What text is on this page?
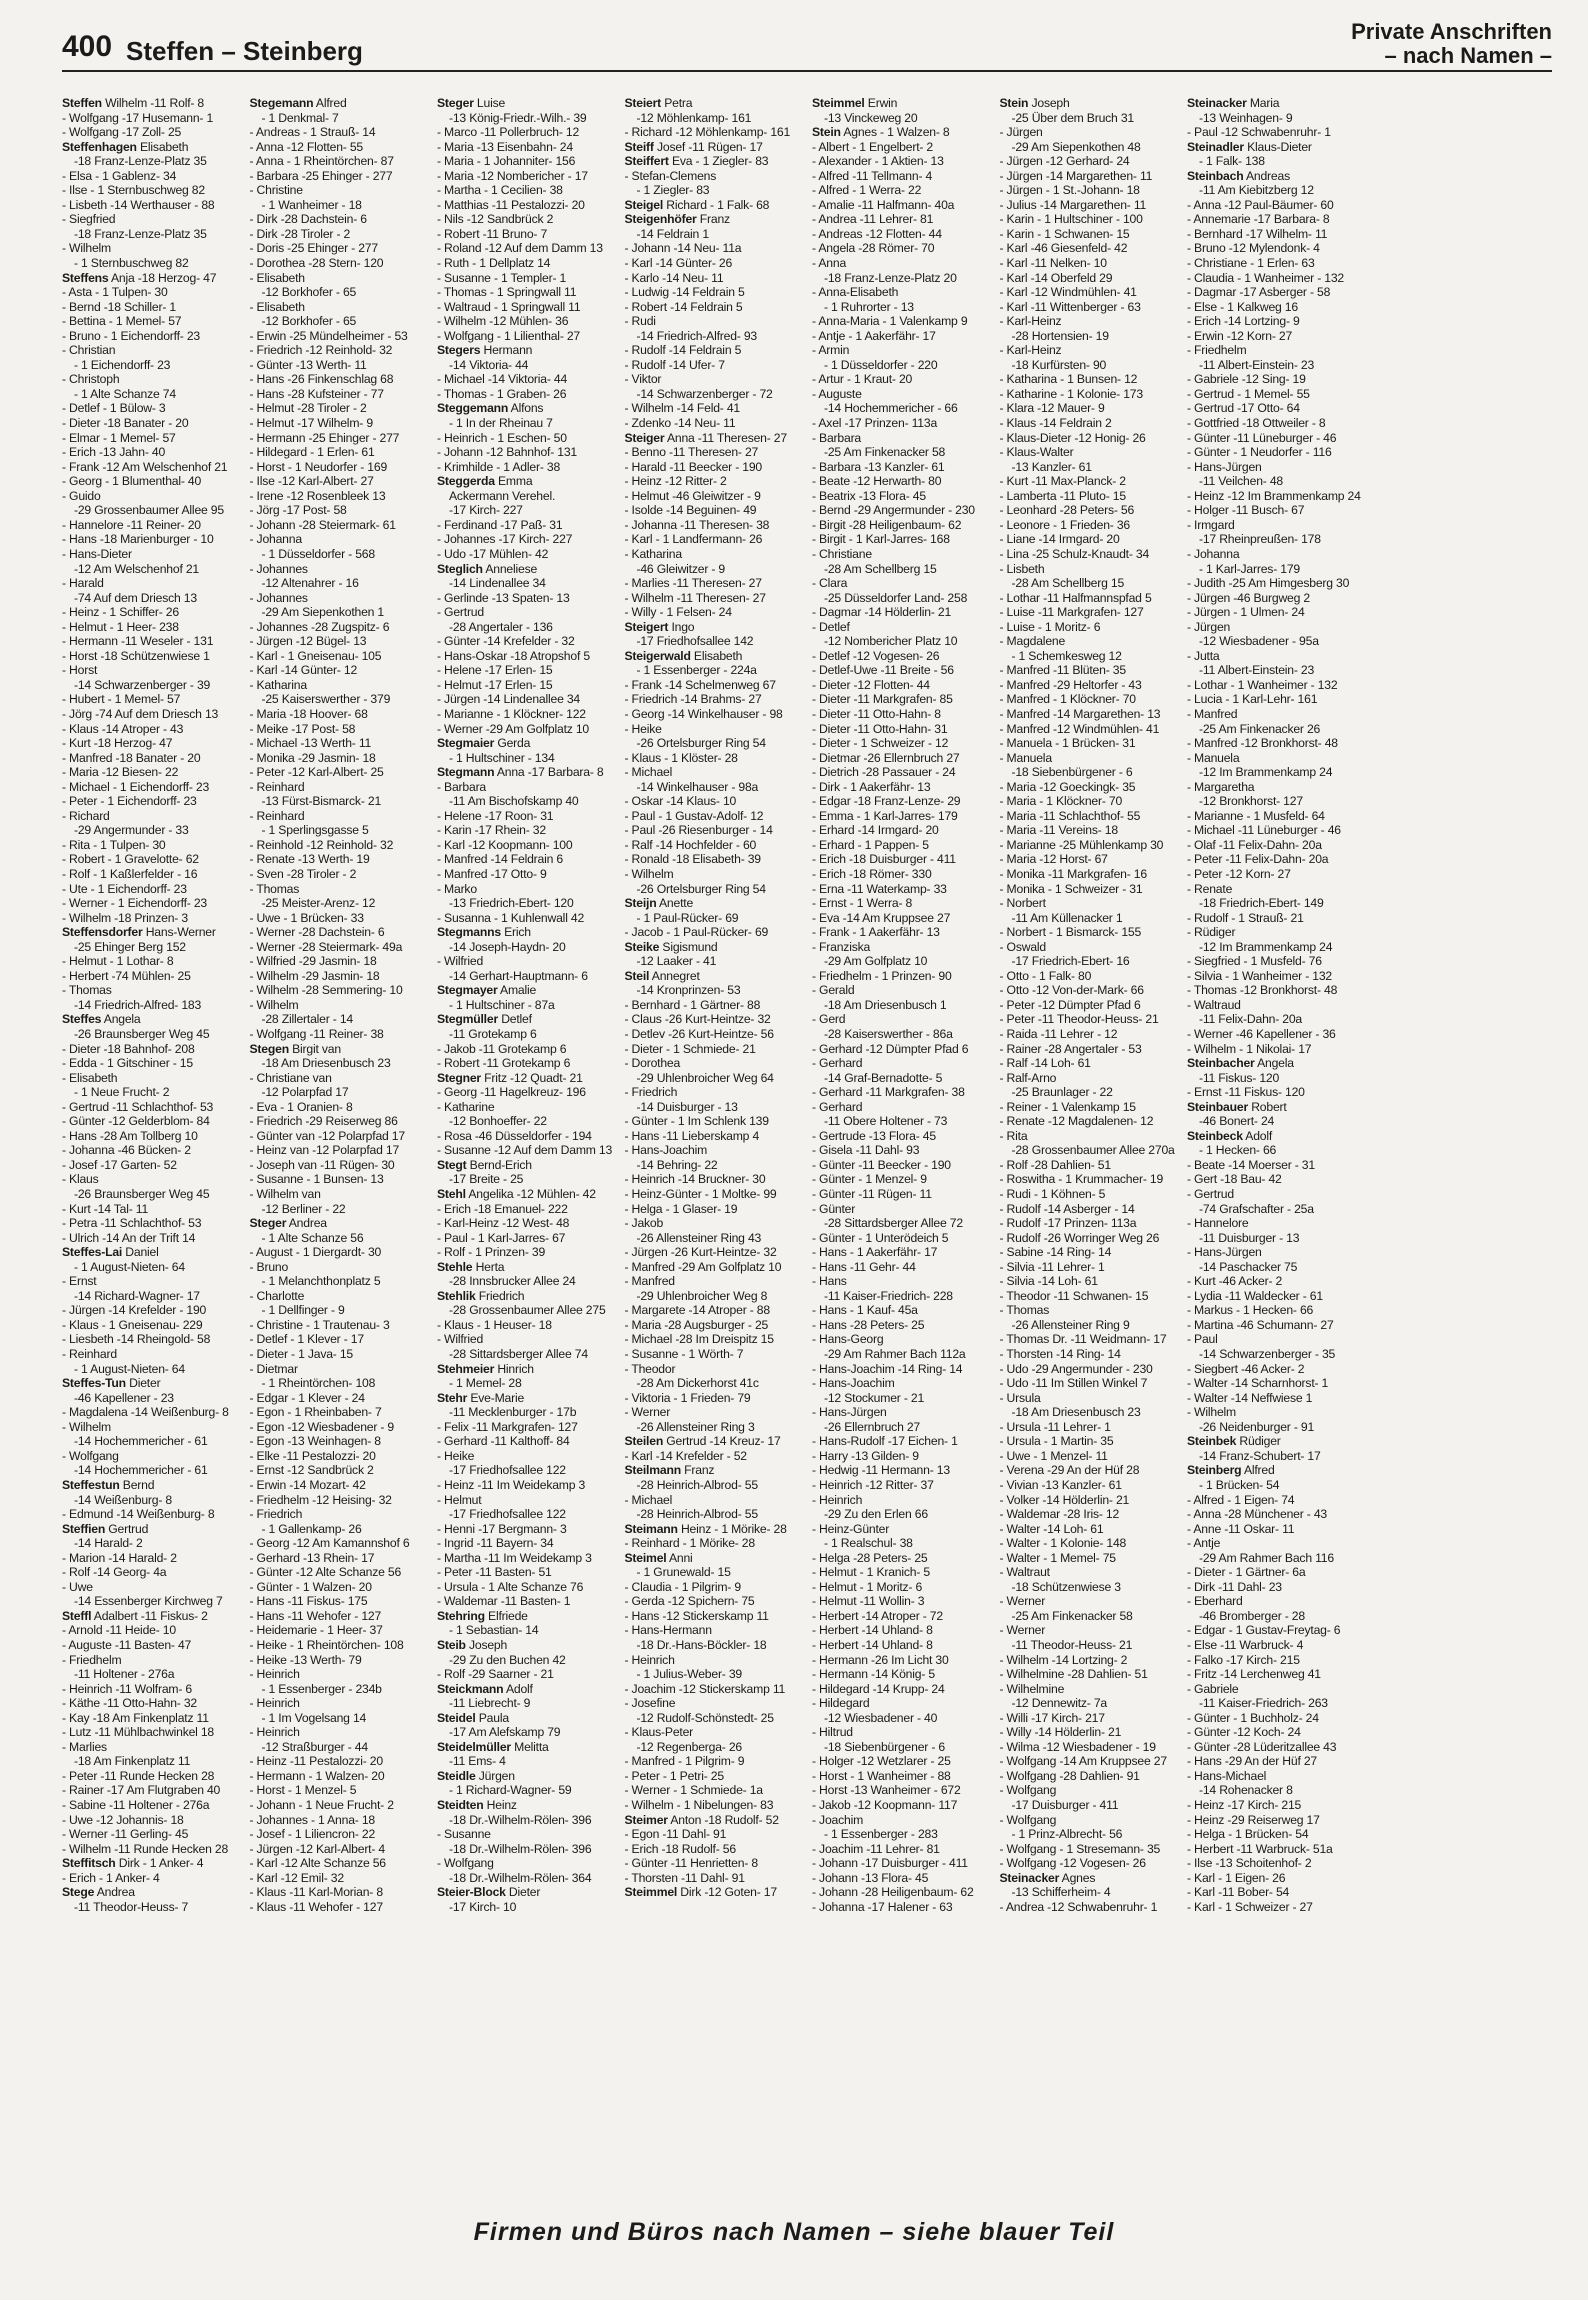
400 Steffen – Steinberg
Private Anschriften
– nach Namen –
Steffen Wilhelm -11 Rolf- 8
- Wolfgang -17 Husemann- 1
- Wolfgang -17 Zoll- 25
Steffenhagen Elisabeth
-18 Franz-Lenze-Platz 35
- Elsa - 1 Gablenz- 34
- Ilse - 1 Sternbuschweg 82
- Lisbeth -14 Werthauser - 88
- Siegfried
-18 Franz-Lenze-Platz 35
- Wilhelm
- 1 Sternbuschweg 82
Steffens Anja -18 Herzog- 47
- Asta - 1 Tulpen- 30
- Bernd -18 Schiller- 1
- Bettina - 1 Memel- 57
- Bruno - 1 Eichendorff- 23
- Christian
- 1 Eichendorff- 23
- Christoph
- 1 Alte Schanze 74
- Detlef - 1 Bülow- 3
- Dieter -18 Banater - 20
- Elmar - 1 Memel- 57
- Erich -13 Jahn- 40
- Frank -12 Am Welschenhof 21
- Georg - 1 Blumenthal- 40
- Guido
-29 Grossenbaumer Allee 95
- Hannelore -11 Reiner- 20
- Hans -18 Marienburger - 10
- Hans-Dieter
-12 Am Welschenhof 21
- Harald
-74 Auf dem Driesch 13
- Heinz - 1 Schiffer- 26
- Helmut - 1 Heer- 238
- Hermann -11 Weseler - 131
- Horst -18 Schützenwiese 1
- Horst
-14 Schwarzenberger - 39
- Hubert - 1 Memel- 57
- Jörg -74 Auf dem Driesch 13
- Klaus -14 Atroper - 43
- Kurt -18 Herzog- 47
- Manfred -18 Banater - 20
- Maria -12 Biesen- 22
- Michael - 1 Eichendorff- 23
- Peter - 1 Eichendorff- 23
- Richard
-29 Angermunder - 33
- Rita - 1 Tulpen- 30
- Robert - 1 Gravelotte- 62
- Rolf - 1 Kaßlerfelder - 16
- Ute - 1 Eichendorff- 23
- Werner - 1 Eichendorff- 23
- Wilhelm -18 Prinzen- 3
Steffensdorfer Hans-Werner
-25 Ehinger Berg 152
- Helmut - 1 Lothar- 8
- Herbert -74 Mühlen- 25
- Thomas
-14 Friedrich-Alfred- 183
Steffes Angela
-26 Braunsberger Weg 45
- Dieter -18 Bahnhof- 208
- Edda - 1 Gitschiner - 15
- Elisabeth
- 1 Neue Frucht- 2
- Gertrud -11 Schlachthof- 53
- Günter -12 Gelderblom- 84
- Hans -28 Am Tollberg 10
- Johanna -46 Bücken- 2
- Josef -17 Garten- 52
- Klaus
-26 Braunsberger Weg 45
- Kurt -14 Tal- 11
- Petra -11 Schlachthof- 53
- Ulrich -14 An der Trift 14
Steffes-Lai Daniel
- 1 August-Nieten- 64
- Ernst
-14 Richard-Wagner- 17
- Jürgen -14 Krefelder - 190
- Klaus - 1 Gneisenau- 229
- Liesbeth -14 Rheingold- 58
- Reinhard
- 1 August-Nieten- 64
Steffes-Tun Dieter
-46 Kapellener - 23
- Magdalena -14 Weißenburg- 8
- Wilhelm
-14 Hochemmericher - 61
- Wolfgang
-14 Hochemmericher - 61
Steffestun Bernd
-14 Weißenburg- 8
- Edmund -14 Weißenburg- 8
Steffien Gertrud
-14 Harald- 2
- Marion -14 Harald- 2
- Rolf -14 Georg- 4a
- Uwe
-14 Essenberger Kirchweg 7
Steffl Adalbert -11 Fiskus- 2
- Arnold -11 Heide- 10
- Auguste -11 Basten- 47
- Friedhelm
-11 Holtener - 276a
- Heinrich -11 Wolfram- 6
- Käthe -11 Otto-Hahn- 32
- Kay -18 Am Finkenplatz 11
- Lutz -11 Mühlbachwinkel 18
- Marlies
-18 Am Finkenplatz 11
- Peter -11 Runde Hecken 28
- Rainer -17 Am Flutgraben 40
- Sabine -11 Holtener - 276a
- Uwe -12 Johannis- 18
- Werner -11 Gerling- 45
- Wilhelm -11 Runde Hecken 28
Steffitsch Dirk - 1 Anker- 4
- Erich - 1 Anker- 4
Stege Andrea
-11 Theodor-Heuss- 7
Stegemann Alfred
- 1 Denkmal- 7
- Andreas - 1 Strauß- 14
- Anna -12 Flotten- 55
- Anna - 1 Rheintörchen- 87
- Barbara -25 Ehinger - 277
- Christine
- 1 Wanheimer - 18
- Dirk -28 Dachstein- 6
- Dirk -28 Tiroler - 2
- Doris -25 Ehinger - 277
- Dorothea -28 Stern- 120
- Elisabeth
-12 Borkhofer - 65
- Elisabeth
-12 Borkhofer - 65
- Erwin -25 Mündelheimer - 53
- Friedrich -12 Reinhold- 32
- Günter -13 Werth- 11
- Hans -26 Finkenschlag 68
- Hans -28 Kufsteiner - 77
- Helmut -28 Tiroler - 2
- Helmut -17 Wilhelm- 9
- Hermann -25 Ehinger - 277
- Hildegard - 1 Erlen- 61
- Horst - 1 Neudorfer - 169
- Ilse -12 Karl-Albert- 27
- Irene -12 Rosenbleek 13
- Jörg -17 Post- 58
- Johann -28 Steiermark- 61
- Johanna
- 1 Düsseldorfer - 568
- Johannes
-12 Altenahrer - 16
- Johannes
-29 Am Siepenkothen 1
- Johannes -28 Zugspitz- 6
- Jürgen -12 Bügel- 13
- Karl - 1 Gneisenau- 105
- Karl -14 Günter- 12
- Katharina
-25 Kaiserswerther - 379
- Maria -18 Hoover- 68
- Meike -17 Post- 58
- Michael -13 Werth- 11
- Monika -29 Jasmin- 18
- Peter -12 Karl-Albert- 25
- Reinhard
-13 Fürst-Bismarck- 21
- Reinhard
- 1 Sperlingsgasse 5
- Reinhold -12 Reinhold- 32
- Renate -13 Werth- 19
- Sven -28 Tiroler - 2
- Thomas
-25 Meister-Arenz- 12
- Uwe - 1 Brücken- 33
- Werner -28 Dachstein- 6
- Werner -28 Steiermark- 49a
- Wilfried -29 Jasmin- 18
- Wilhelm -29 Jasmin- 18
- Wilhelm -28 Semmering- 10
- Wilhelm
-28 Zillertaler - 14
- Wolfgang -11 Reiner- 38
Stegen Birgit van
-18 Am Driesenbusch 23
- Christiane van
-12 Polarpfad 17
- Eva - 1 Oranien- 8
- Friedrich -29 Reiserweg 86
- Günter van -12 Polarpfad 17
- Heinz van -12 Polarpfad 17
- Joseph van -11 Rügen- 30
- Susanne - 1 Bunsen- 13
- Wilhelm van
-12 Berliner - 22
Steger Andrea
- 1 Alte Schanze 56
- August - 1 Diergardt- 30
- Bruno
- 1 Melanchthonplatz 5
- Charlotte
- 1 Dellfinger - 9
- Christine - 1 Trautenau- 3
- Detlef - 1 Klever - 17
- Dieter - 1 Java- 15
- Dietmar
- 1 Rheintörchen- 108
- Edgar - 1 Klever - 24
- Egon - 1 Rheinbaben- 7
- Egon -12 Wiesbadener - 9
- Egon -13 Weinhagen- 8
- Elke -11 Pestalozzi- 20
- Ernst -12 Sandbrück 2
- Erwin -14 Mozart- 42
- Friedhelm -12 Heising- 32
- Friedrich
- 1 Gallenkamp- 26
- Georg -12 Am Kamannshof 6
- Gerhard -13 Rhein- 17
- Günter -12 Alte Schanze 56
- Günter - 1 Walzen- 20
- Hans -11 Fiskus- 175
- Hans -11 Wehofer - 127
- Heidemarie - 1 Heer- 37
- Heike - 1 Rheintörchen- 108
- Heike -13 Werth- 79
- Heinrich
- 1 Essenberger - 234b
- Heinrich
- 1 Im Vogelsang 14
- Heinrich
-12 Straßburger - 44
- Heinz -11 Pestalozzi- 20
- Hermann - 1 Walzen- 20
- Horst - 1 Menzel- 5
- Johann - 1 Neue Frucht- 2
- Johannes - 1 Anna- 18
- Josef - 1 Liliencron- 22
- Jürgen -12 Karl-Albert- 4
- Karl -12 Alte Schanze 56
- Karl -12 Emil- 32
- Klaus -11 Karl-Morian- 8
- Klaus -11 Wehofer - 127
Steger Luise
-13 König-Friedr.-Wilh.- 39
- Marco -11 Pollerbruch- 12
- Maria -13 Eisenbahn- 24
- Maria - 1 Johanniter- 156
- Maria -12 Nombericher - 17
- Martha - 1 Cecilien- 38
- Matthias -11 Pestalozzi- 20
- Nils -12 Sandbrück 2
- Robert -11 Bruno- 7
- Roland -12 Auf dem Damm 13
- Ruth - 1 Dellplatz 14
- Susanne - 1 Templer- 1
- Thomas - 1 Springwall 11
- Waltraud - 1 Springwall 11
- Wilhelm -12 Mühlen- 36
- Wolfgang - 1 Lilienthal- 27
Stegers Hermann
-14 Viktoria- 44
- Michael -14 Viktoria- 44
- Thomas - 1 Graben- 26
Steggemann Alfons
- 1 In der Rheinau 7
- Heinrich - 1 Eschen- 50
- Johann -12 Bahnhof- 131
- Krimhilde - 1 Adler- 38
Steggerda Emma
Ackermann Verehel.
-17 Kirch- 227
- Ferdinand -17 Paß- 31
- Johannes -17 Kirch- 227
- Udo -17 Mühlen- 42
Steglich Anneliese
-14 Lindenallee 34
- Gerlinde -13 Spaten- 13
- Gertrud
-28 Angertaler - 136
- Günter -14 Krefelder - 32
- Hans-Oskar -18 Atropshof 5
- Helene -17 Erlen- 15
- Helmut -17 Erlen- 15
- Jürgen -14 Lindenallee 34
- Marianne - 1 Klöckner- 122
- Werner -29 Am Golfplatz 10
Stegmaier Gerda
- 1 Hultschiner - 134
Stegmann Anna -17 Barbara- 8
- Barbara
-11 Am Bischofskamp 40
- Helene -17 Roon- 31
- Karin -17 Rhein- 32
- Karl -12 Koopmann- 100
- Manfred -14 Feldrain 6
- Manfred -17 Otto- 9
- Marko
-13 Friedrich-Ebert- 120
- Susanna - 1 Kuhlenwall 42
Stegmanns Erich
-14 Joseph-Haydn- 20
- Wilfried
-14 Gerhart-Hauptmann- 6
Stegmayer Amalie
- 1 Hultschiner - 87a
Stegmüller Detlef
-11 Grotekamp 6
- Jakob -11 Grotekamp 6
- Robert -11 Grotekamp 6
Stegner Fritz -12 Quadt- 21
- Georg -11 Hagelkreuz- 196
- Katharine
-12 Bonhoeffer- 22
- Rosa -46 Düsseldorfer - 194
- Susanne -12 Auf dem Damm 13
Stegt Bernd-Erich
-17 Breite - 25
Stehl Angelika -12 Mühlen- 42
- Erich -18 Emanuel- 222
- Karl-Heinz -12 West- 48
- Paul - 1 Karl-Jarres- 67
- Rolf - 1 Prinzen- 39
Stehle Herta
-28 Innsbrucker Allee 24
Stehlik Friedrich
-28 Grossenbaumer Allee 275
- Klaus - 1 Heuser- 18
- Wilfried
-28 Sittardsberger Allee 74
Stehmeier Hinrich
- 1 Memel- 28
Stehr Eve-Marie
-11 Mecklenburger - 17b
- Felix -11 Markgrafen- 127
- Gerhard -11 Kalthoff- 84
- Heike
-17 Friedhofsallee 122
- Heinz -11 Im Weidekamp 3
- Helmut
-17 Friedhofsallee 122
- Henni -17 Bergmann- 3
- Ingrid -11 Bayern- 34
- Martha -11 Im Weidekamp 3
- Peter -11 Basten- 51
- Ursula - 1 Alte Schanze 76
- Waldemar -11 Basten- 1
Stehring Elfriede
- 1 Sebastian- 14
Steib Joseph
-29 Zu den Buchen 42
- Rolf -29 Saarner - 21
Steickmann Adolf
-11 Liebrecht- 9
Steidel Paula
-17 Am Alefskamp 79
Steidelmüller Melitta
-11 Ems- 4
Steidle Jürgen
- 1 Richard-Wagner- 59
Steidten Heinz
-18 Dr.-Wilhelm-Rölen- 396
- Susanne
-18 Dr.-Wilhelm-Rölen- 396
- Wolfgang
-18 Dr.-Wilhelm-Rölen- 364
Steier-Block Dieter
-17 Kirch- 10
Steiert Petra
-12 Möhlenkamp- 161
- Richard -12 Möhlenkamp- 161
Steiff Josef -11 Rügen- 17
Steiffert Eva - 1 Ziegler- 83
- Stefan-Clemens
- 1 Ziegler- 83
Steigel Richard - 1 Falk- 68
Steigenhöfer Franz
-14 Feldrain 1
- Johann -14 Neu- 11a
- Karl -14 Günter- 26
- Karlo -14 Neu- 11
- Ludwig -14 Feldrain 5
- Robert -14 Feldrain 5
- Rudi
-14 Friedrich-Alfred- 93
- Rudolf -14 Feldrain 5
- Rudolf -14 Ufer- 7
- Viktor
-14 Schwarzenberger - 72
- Wilhelm -14 Feld- 41
- Zdenko -14 Neu- 11
Steiger Anna -11 Theresen- 27
- Benno -11 Theresen- 27
- Harald -11 Beecker - 190
- Heinz -12 Ritter- 2
- Helmut -46 Gleiwitzer - 9
- Isolde -14 Beguinen- 49
- Johanna -11 Theresen- 38
- Karl - 1 Landfermann- 26
- Katharina
-46 Gleiwitzer - 9
- Marlies -11 Theresen- 27
- Wilhelm -11 Theresen- 27
- Willy - 1 Felsen- 24
Steigert Ingo
-17 Friedhofsallee 142
Steigerwald Elisabeth
- 1 Essenberger - 224a
- Frank -14 Schelmenweg 67
- Friedrich -14 Brahms- 27
- Georg -14 Winkelhauser - 98
- Heike
-26 Ortelsburger Ring 54
- Klaus - 1 Klöster- 28
- Michael
-14 Winkelhauser - 98a
- Oskar -14 Klaus- 10
- Paul - 1 Gustav-Adolf- 12
- Paul -26 Riesenburger - 14
- Ralf -14 Hochfelder - 60
- Ronald -18 Elisabeth- 39
- Wilhelm
-26 Ortelsburger Ring 54
Steijn Anette
- 1 Paul-Rücker- 69
- Jacob - 1 Paul-Rücker- 69
Steike Sigismund
-12 Laaker - 41
Steil Annegret
-14 Kronprinzen- 53
- Bernhard - 1 Gärtner- 88
- Claus -26 Kurt-Heintze- 32
- Detlev -26 Kurt-Heintze- 56
- Dieter - 1 Schmiede- 21
- Dorothea
-29 Uhlenbroicher Weg 64
- Friedrich
-14 Duisburger - 13
- Günter - 1 Im Schlenk 139
- Hans -11 Lieberskamp 4
- Hans-Joachim
-14 Behring- 22
- Heinrich -14 Bruckner- 30
- Heinz-Günter - 1 Moltke- 99
- Helga - 1 Glaser- 19
- Jakob
-26 Allensteiner Ring 43
- Jürgen -26 Kurt-Heintze- 32
- Manfred -29 Am Golfplatz 10
- Manfred
-29 Uhlenbroicher Weg 8
- Margarete -14 Atroper - 88
- Maria -28 Augsburger - 25
- Michael -28 Im Dreispitz 15
- Susanne - 1 Wörth- 7
- Theodor
-28 Am Dickerhorst 41c
- Viktoria - 1 Frieden- 79
- Werner
-26 Allensteiner Ring 3
Steilen Gertrud -14 Kreuz- 17
- Karl -14 Krefelder - 52
Steilmann Franz
-28 Heinrich-Albrod- 55
- Michael
-28 Heinrich-Albrod- 55
Steimann Heinz - 1 Mörike- 28
- Reinhard - 1 Mörike- 28
Steimel Anni
- 1 Grunewald- 15
- Claudia - 1 Pilgrim- 9
- Gerda -12 Spichern- 75
- Hans -12 Stickerskamp 11
- Hans-Hermann
-18 Dr.-Hans-Böckler- 18
- Heinrich
- 1 Julius-Weber- 39
- Joachim -12 Stickerskamp 11
- Josefine
-12 Rudolf-Schönstedt- 25
- Klaus-Peter
-12 Regenberga- 26
- Manfred - 1 Pilgrim- 9
- Peter - 1 Petri- 25
- Werner - 1 Schmiede- 1a
- Wilhelm - 1 Nibelungen- 83
Steimer Anton -18 Rudolf- 52
- Egon -11 Dahl- 91
- Erich -18 Rudolf- 56
- Günter -11 Henrietten- 8
- Thorsten -11 Dahl- 91
Steimmel Dirk -12 Goten- 17
Steimmel Erwin
-13 Vinckeweg 20
Stein Agnes - 1 Walzen- 8
- Albert - 1 Engelbert- 2
- Alexander - 1 Aktien- 13
- Alfred -11 Tellmann- 4
- Alfred - 1 Werra- 22
- Amalie -11 Halfmann- 40a
- Andrea -11 Lehrer- 81
- Andreas -12 Flotten- 44
- Angela -28 Römer- 70
- Anna
-18 Franz-Lenze-Platz 20
- Anna-Elisabeth
- 1 Ruhrorter - 13
- Anna-Maria - 1 Valenkamp 9
- Antje - 1 Aakerfähr- 17
- Armin
- 1 Düsseldorfer - 220
- Artur - 1 Kraut- 20
- Auguste
-14 Hochemmericher - 66
- Axel -17 Prinzen- 113a
- Barbara
-25 Am Finkenacker 58
- Barbara -13 Kanzler- 61
- Beate -12 Herwarth- 80
- Beatrix -13 Flora- 45
- Bernd -29 Angermunder - 230
- Birgit -28 Heiligenbaum- 62
- Birgit - 1 Karl-Jarres- 168
- Christiane
-28 Am Schellberg 15
- Clara
-25 Düsseldorfer Land- 258
- Dagmar -14 Hölderlin- 21
- Detlef
-12 Nombericher Platz 10
- Detlef -12 Vogesen- 26
- Detlef-Uwe -11 Breite - 56
- Dieter -12 Flotten- 44
- Dieter -11 Markgrafen- 85
- Dieter -11 Otto-Hahn- 8
- Dieter -11 Otto-Hahn- 31
- Dieter - 1 Schweizer - 12
- Dietmar -26 Ellernbruch 27
- Dietrich -28 Passauer - 24
- Dirk - 1 Aakerfähr- 13
- Edgar -18 Franz-Lenze- 29
- Emma - 1 Karl-Jarres- 179
- Erhard -14 Irmgard- 20
- Erhard - 1 Pappen- 5
- Erich -18 Duisburger - 411
- Erich -18 Römer- 330
- Erna -11 Waterkamp- 33
- Ernst - 1 Werra- 8
- Eva -14 Am Kruppsee 27
- Frank - 1 Aakerfähr- 13
- Franziska
-29 Am Golfplatz 10
- Friedhelm - 1 Prinzen- 90
- Gerald
-18 Am Driesenbusch 1
- Gerd
-28 Kaiserswerther - 86a
- Gerhard -12 Dümpter Pfad 6
- Gerhard
-14 Graf-Bernadotte- 5
- Gerhard -11 Markgrafen- 38
- Gerhard
-11 Obere Holtener - 73
- Gertrude -13 Flora- 45
- Gisela -11 Dahl- 93
- Günter -11 Beecker - 190
- Günter - 1 Menzel- 9
- Günter -11 Rügen- 11
- Günter
-28 Sittardsberger Allee 72
- Günter - 1 Unterödeich 5
- Hans - 1 Aakerfähr- 17
- Hans -11 Gehr- 44
- Hans
-11 Kaiser-Friedrich- 228
- Hans - 1 Kauf- 45a
- Hans -28 Peters- 25
- Hans-Georg
-29 Am Rahmer Bach 112a
- Hans-Joachim -14 Ring- 14
- Hans-Joachim
-12 Stockumer - 21
- Hans-Jürgen
-26 Ellernbruch 27
- Hans-Rudolf -17 Eichen- 1
- Harry -13 Gilden- 9
- Hedwig -11 Hermann- 13
- Heinrich -12 Ritter- 37
- Heinrich
-29 Zu den Erlen 66
- Heinz-Günter
- 1 Realschul- 38
- Helga -28 Peters- 25
- Helmut - 1 Kranich- 5
- Helmut - 1 Moritz- 6
- Helmut -11 Wollin- 3
- Herbert -14 Atroper - 72
- Herbert -14 Uhland- 8
- Herbert -14 Uhland- 8
- Hermann -26 Im Licht 30
- Hermann -14 König- 5
- Hildegard -14 Krupp- 24
- Hildegard
-12 Wiesbadener - 40
- Hiltrud
-18 Siebenbürgener - 6
- Holger -12 Wetzlarer - 25
- Horst - 1 Wanheimer - 88
- Horst -13 Wanheimer - 672
- Jakob -12 Koopmann- 117
- Joachim
- 1 Essenberger - 283
- Joachim -11 Lehrer- 81
- Johann -17 Duisburger - 411
- Johann -13 Flora- 45
- Johann -28 Heiligenbaum- 62
- Johanna -17 Halener - 63
Stein Joseph
-25 Über dem Bruch 31
- Jürgen
-29 Am Siepenkothen 48
- Jürgen -12 Gerhard- 24
- Jürgen -14 Margarethen- 11
- Jürgen - 1 St.-Johann- 18
- Julius -14 Margarethen- 11
- Karin - 1 Hultschiner - 100
- Karin - 1 Schwanen- 15
- Karl -46 Giesenfeld- 42
- Karl -11 Nelken- 10
- Karl -14 Oberfeld 29
- Karl -12 Windmühlen- 41
- Karl -11 Wittenberger - 63
- Karl-Heinz
-28 Hortensien- 19
- Karl-Heinz
-18 Kurfürsten- 90
- Katharina - 1 Bunsen- 12
- Katharine - 1 Kolonie- 173
- Klara -12 Mauer- 9
- Klaus -14 Feldrain 2
- Klaus-Dieter -12 Honig- 26
- Klaus-Walter
-13 Kanzler- 61
- Kurt -11 Max-Planck- 2
- Lamberta -11 Pluto- 15
- Leonhard -28 Peters- 56
- Leonore - 1 Frieden- 36
- Liane -14 Irmgard- 20
- Lina -25 Schulz-Knaudt- 34
- Lisbeth
-28 Am Schellberg 15
- Lothar -11 Halfmannspfad 5
- Luise -11 Markgrafen- 127
- Luise - 1 Moritz- 6
- Magdalene
- 1 Schemkesweg 12
- Manfred -11 Blüten- 35
- Manfred -29 Heltorfer - 43
- Manfred - 1 Klöckner- 70
- Manfred -14 Margarethen- 13
- Manfred -12 Windmühlen- 41
- Manuela - 1 Brücken- 31
- Manuela
-18 Siebenbürgener - 6
- Maria -12 Goeckingk- 35
- Maria - 1 Klöckner- 70
- Maria -11 Schlachthof- 55
- Maria -11 Vereins- 18
- Marianne -25 Mühlenkamp 30
- Maria -12 Horst- 67
- Monika -11 Markgrafen- 16
- Monika - 1 Schweizer - 31
- Norbert
-11 Am Küllenacker 1
- Norbert - 1 Bismarck- 155
- Oswald
-17 Friedrich-Ebert- 16
- Otto - 1 Falk- 80
- Otto -12 Von-der-Mark- 66
- Peter -12 Dümpter Pfad 6
- Peter -11 Theodor-Heuss- 21
- Raida -11 Lehrer - 12
- Rainer -28 Angertaler - 53
- Ralf -14 Loh- 61
- Ralf-Arno
-25 Braunlager - 22
- Reiner - 1 Valenkamp 15
- Renate -12 Magdalenen- 12
- Rita
-28 Grossenbaumer Allee 270a
- Rolf -28 Dahlien- 51
- Roswitha - 1 Krummacher- 19
- Rudi - 1 Köhnen- 5
- Rudolf -14 Asberger - 14
- Rudolf -17 Prinzen- 113a
- Rudolf -26 Worringer Weg 26
- Sabine -14 Ring- 14
- Silvia -11 Lehrer- 1
- Silvia -14 Loh- 61
- Theodor -11 Schwanen- 15
- Thomas
-26 Allensteiner Ring 9
- Thomas Dr. -11 Weidmann- 17
- Thorsten -14 Ring- 14
- Udo -29 Angermunder - 230
- Udo -11 Im Stillen Winkel 7
- Ursula
-18 Am Driesenbusch 23
- Ursula -11 Lehrer- 1
- Ursula - 1 Martin- 35
- Uwe - 1 Menzel- 11
- Verena -29 An der Hüf 28
- Vivian -13 Kanzler- 61
- Volker -14 Hölderlin- 21
- Waldemar -28 Iris- 12
- Walter -14 Loh- 61
- Walter - 1 Kolonie- 148
- Walter - 1 Memel- 75
- Waltraut
-18 Schützenwiese 3
- Werner
-25 Am Finkenacker 58
- Werner
-11 Theodor-Heuss- 21
- Wilhelm -14 Lortzing- 2
- Wilhelmine -28 Dahlien- 51
- Wilhelmine
-12 Dennewitz- 7a
- Willi -17 Kirch- 217
- Willy -14 Hölderlin- 21
- Wilma -12 Wiesbadener - 19
- Wolfgang -14 Am Kruppsee 27
- Wolfgang -28 Dahlien- 91
- Wolfgang
-17 Duisburger - 411
- Wolfgang
- 1 Prinz-Albrecht- 56
- Wolfgang - 1 Stresemann- 35
- Wolfgang -12 Vogesen- 26
Steinacker Agnes
-13 Schifferheim- 4
- Andrea -12 Schwabenruhr- 1
Steinacker Maria
-13 Weinhagen- 9
- Paul -12 Schwabenruhr- 1
Steinadler Klaus-Dieter
- 1 Falk- 138
Steinbach Andreas
-11 Am Kiebitzberg 12
- Anna -12 Paul-Bäumer- 60
- Annemarie -17 Barbara- 8
- Bernhard -17 Wilhelm- 11
- Bruno -12 Mylendonk- 4
- Christiane - 1 Erlen- 63
- Claudia - 1 Wanheimer - 132
- Dagmar -17 Asberger - 58
- Else - 1 Kalkweg 16
- Erich -14 Lortzing- 9
- Erwin -12 Korn- 27
- Friedhelm
-11 Albert-Einstein- 23
- Gabriele -12 Sing- 19
- Gertrud - 1 Memel- 55
- Gertrud -17 Otto- 64
- Gottfried -18 Ottweiler - 8
- Günter -11 Lüneburger - 46
- Günter - 1 Neudorfer - 116
- Hans-Jürgen
-11 Veilchen- 48
- Heinz -12 Im Brammenkamp 24
- Holger -11 Busch- 67
- Irmgard
-17 Rheinpreußen- 178
- Johanna
- 1 Karl-Jarres- 179
- Judith -25 Am Himgesberg 30
- Jürgen -46 Burgweg 2
- Jürgen - 1 Ulmen- 24
- Jürgen
-12 Wiesbadener - 95a
- Jutta
-11 Albert-Einstein- 23
- Lothar - 1 Wanheimer - 132
- Lucia - 1 Karl-Lehr- 161
- Manfred
-25 Am Finkenacker 26
- Manfred -12 Bronkhorst- 48
- Manuela
-12 Im Brammenkamp 24
- Margaretha
-12 Bronkhorst- 127
- Marianne - 1 Musfeld- 64
- Michael -11 Lüneburger - 46
- Olaf -11 Felix-Dahn- 20a
- Peter -11 Felix-Dahn- 20a
- Peter -12 Korn- 27
- Renate
-18 Friedrich-Ebert- 149
- Rudolf - 1 Strauß- 21
- Rüdiger
-12 Im Brammenkamp 24
- Siegfried - 1 Musfeld- 76
- Silvia - 1 Wanheimer - 132
- Thomas -12 Bronkhorst- 48
- Waltraud
-11 Felix-Dahn- 20a
- Werner -46 Kapellener - 36
- Wilhelm - 1 Nikolai- 17
Steinbacher Angela
-11 Fiskus- 120
- Ernst -11 Fiskus- 120
Steinbauer Robert
-46 Bonert- 24
Steinbeck Adolf
- 1 Hecken- 66
- Beate -14 Moerser - 31
- Gert -18 Bau- 42
- Gertrud
-74 Grafschafter - 25a
- Hannelore
-11 Duisburger - 13
- Hans-Jürgen
-14 Paschacker 75
- Kurt -46 Acker- 2
- Lydia -11 Waldecker - 61
- Markus - 1 Hecken- 66
- Martina -46 Schumann- 27
- Paul
-14 Schwarzenberger - 35
- Siegbert -46 Acker- 2
- Walter -14 Scharnhorst- 1
- Walter -14 Neffwiese 1
- Wilhelm
-26 Neidenburger - 91
Steinbek Rüdiger
-14 Franz-Schubert- 17
Steinberg Alfred
- 1 Brücken- 54
- Alfred - 1 Eigen- 74
- Anna -28 Münchener - 43
- Anne -11 Oskar- 11
- Antje
-29 Am Rahmer Bach 116
- Dieter - 1 Gärtner- 6a
- Dirk -11 Dahl- 23
- Eberhard
-46 Bromberger - 28
- Edgar - 1 Gustav-Freytag- 6
- Else -11 Warbruck- 4
- Falko -17 Kirch- 215
- Fritz -14 Lerchenweg 41
- Gabriele
-11 Kaiser-Friedrich- 263
- Günter - 1 Buchholz- 24
- Günter -12 Koch- 24
- Günter -28 Lüderitzallee 43
- Hans -29 An der Hüf 27
- Hans-Michael
-14 Rohenacker 8
- Heinz -17 Kirch- 215
- Heinz -29 Reiserweg 17
- Helga - 1 Brücken- 54
- Herbert -11 Warbruck- 51a
- Ilse -13 Schoitenhof- 2
- Karl - 1 Eigen- 26
- Karl -11 Bober- 54
- Karl - 1 Schweizer - 27
Firmen und Büros nach Namen – siehe blauer Teil
